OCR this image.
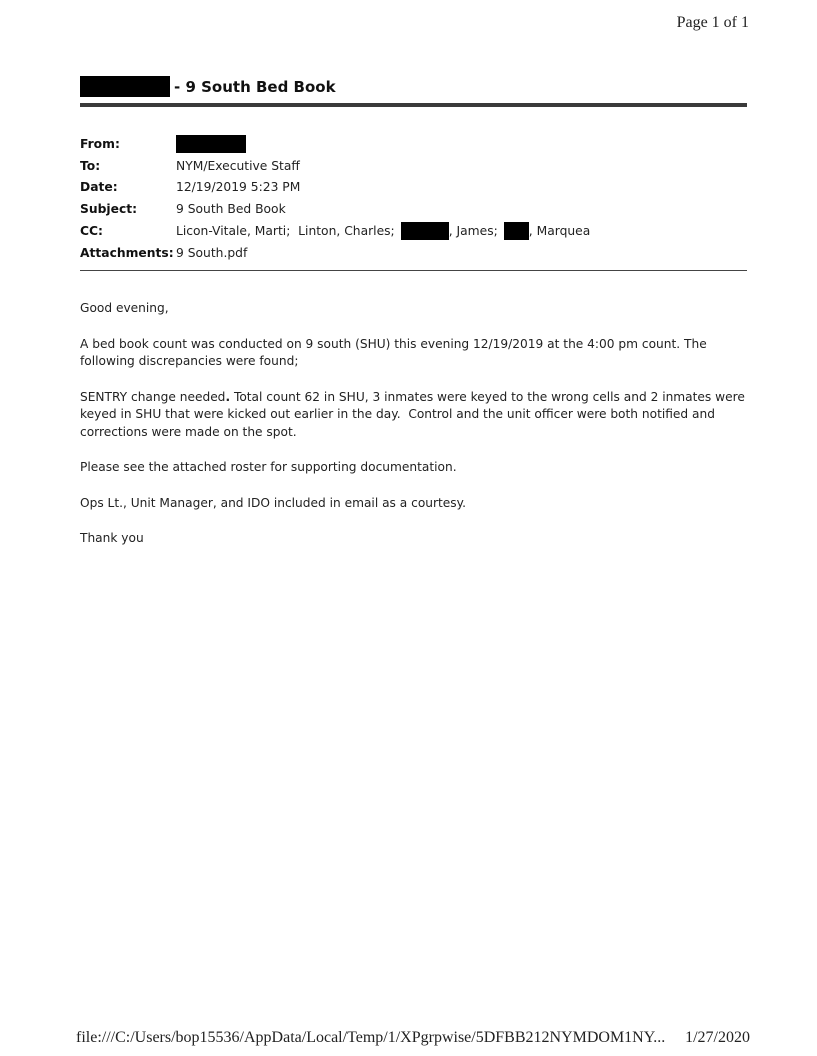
Page 1 of 1
- 9 South Bed Book
From:
To:	NYM/Executive Staff
Date:	12/19/2019 5:23 PM
Subject:	9 South Bed Book
CC:	Licon-Vitale, Marti;  Linton, Charles;	, James;	, Marquea
Attachments: 9 South.pdf

Good evening,

A bed book count was conducted on 9 south (SHU) this evening 12/19/2019 at the 4:00 pm count. The following discrepancies were found;

SENTRY change needed. Total count 62 in SHU, 3 inmates were keyed to the wrong cells and 2 inmates were keyed in SHU that were kicked out earlier in the day.  Control and the unit officer were both notified and corrections were made on the spot.

Please see the attached roster for supporting documentation.

Ops Lt., Unit Manager, and IDO included in email as a courtesy.

Thank you

file:///C:/Users/bop15536/AppData/Local/Temp/1/XPgrpwise/5DFBB212NYMDOM1NY... 1/27/2020
